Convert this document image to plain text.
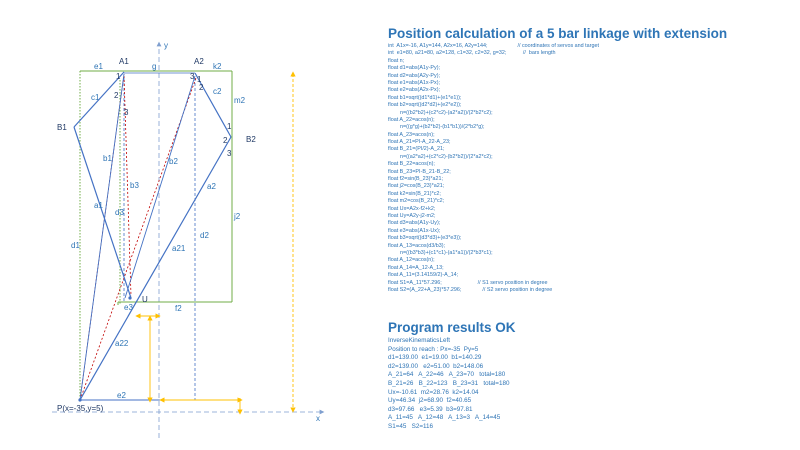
y
x
A1	A2
B1
B2
U
P(x=-35,y=5)
e1	g	k2
c1
c2
m2
b1	b2
b3
a1
a2
a21
a22
d1
d2
d3	j2
e3	f2
e2
1
2
3
3 1
2
1
2
3
Position calculation of a 5 bar linkage with extension
int  A1x=-16, A1y=144, A2x=16, A2y=144;                    // coordinates of servos and target
int  e1=80, a21=80, a2=128, c1=32, c2=32, g=32;           //  bars length
float n;
float d1=abs(A1y-Py);
float d2=abs(A2y-Py);
float e1=abs(A1x-Px);
float e2=abs(A2x-Px);
float b1=sqrt((d1*d1)+(e1*e1));
float b2=sqrt((d2*d2)+(e2*e2));
n=((b2*b2)+(c2*c2)-(a2*a2))/(2*b2*c2);
float A_22=acos(n);
n=((g*g)+(b2*b2)-(b1*b1))/(2*b2*g);
float A_23=acos(n);
float A_21=PI-A_22-A_23;
float B_21=(PI/2)-A_21;
n=((a2*a2)+(c2*c2)-(b2*b2))/(2*a2*c2);
float B_22=acos(n);
float B_23=PI-B_21-B_22;
float f2=sin(B_23)*a21;
float j2=cos(B_23)*a21;
float k2=sin(B_21)*c2;
float m2=cos(B_21)*c2;
float Ux=A2x-f2+k2;
float Uy=A2y-j2-m2;
float d3=abs(A1y-Uy);
float e3=abs(A1x-Ux);
float b3=sqrt((d3*d3)+(e3*e3));
float A_13=acos(d3/b3);
n=((b3*b3)+(c1*c1)-(a1*a1))/(2*b3*c1);
float A_12=acos(n);
float A_14=A_12-A_13;
float A_11=(3.14159/2)-A_14;
float S1=A_11*57.296;                        // S1 servo position in degree
float S2=(A_22+A_23)*57.296;              // S2 servo position in degree
Program results OK
InverseKinematicsLeft
Position to reach : Px=-35  Py=5
d1=139.00  e1=19.00  b1=140.29
d2=139.00   e2=51.00  b2=148.06
A_21=64   A_22=46   A_23=70   total=180
B_21=26   B_22=123   B_23=31   total=180
Ux=-10.61  m2=28.76  k2=14.04
Uy=46.34  j2=68.90  f2=40.65
d3=97.66   e3=5.39  b3=97.81
A_11=45   A_12=48   A_13=3   A_14=45
S1=45   S2=116
